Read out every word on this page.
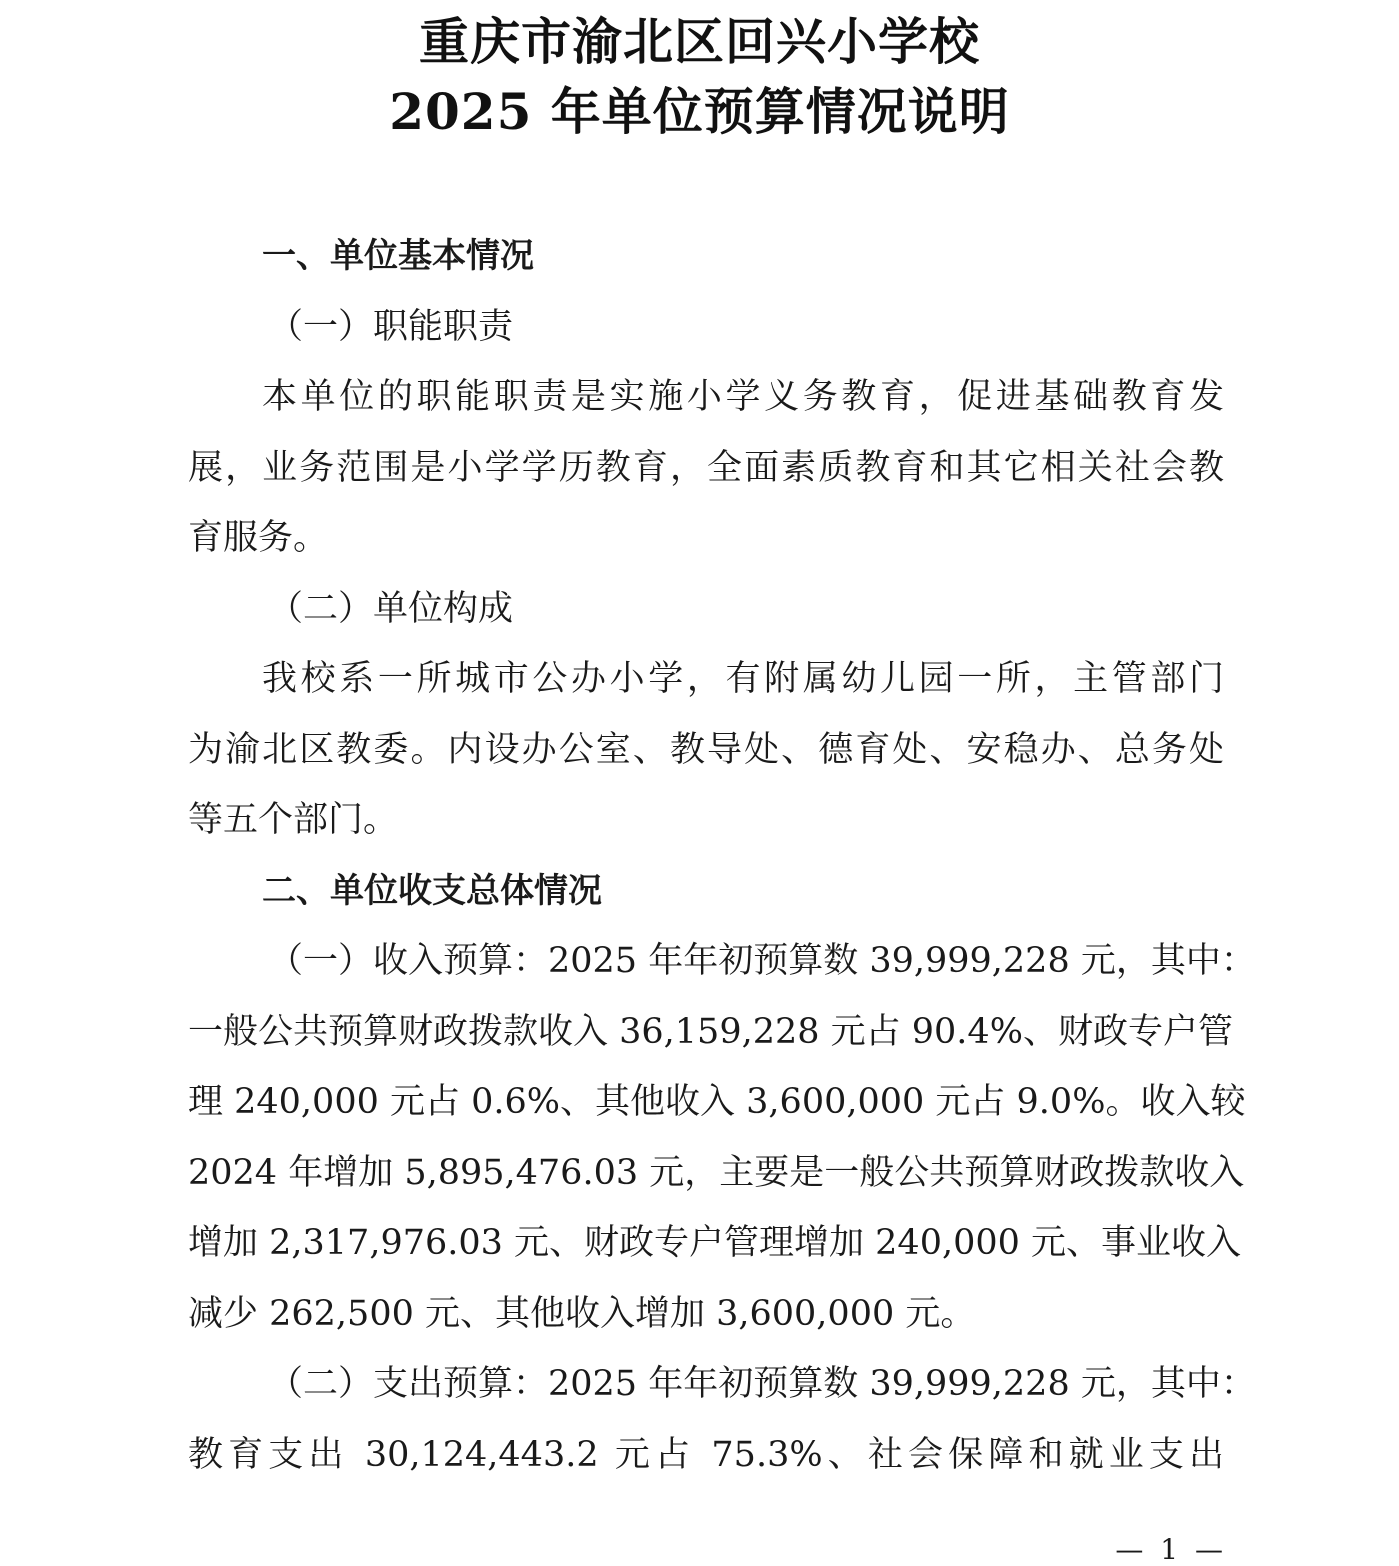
重庆市渝北区回兴小学校
2025 年单位预算情况说明
一、单位基本情况
（一）职能职责
本单位的职能职责是实施小学义务教育，促进基础教育发
展，业务范围是小学学历教育，全面素质教育和其它相关社会教
育服务。
（二）单位构成
我校系一所城市公办小学，有附属幼儿园一所，主管部门
为渝北区教委。内设办公室、教导处、德育处、安稳办、总务处
等五个部门。
二、单位收支总体情况
（一）收入预算：2025 年年初预算数 39,999,228 元，其中：
一般公共预算财政拨款收入 36,159,228 元占 90.4%、财政专户管
理 240,000 元占 0.6%、其他收入 3,600,000 元占 9.0%。收入较
2024 年增加 5,895,476.03 元，主要是一般公共预算财政拨款收入
增加 2,317,976.03 元、财政专户管理增加 240,000 元、事业收入
减少 262,500 元、其他收入增加 3,600,000 元。
（二）支出预算：2025 年年初预算数 39,999,228 元，其中：
教育支出 30,124,443.2 元占 75.3%、社会保障和就业支出
— 1 —
